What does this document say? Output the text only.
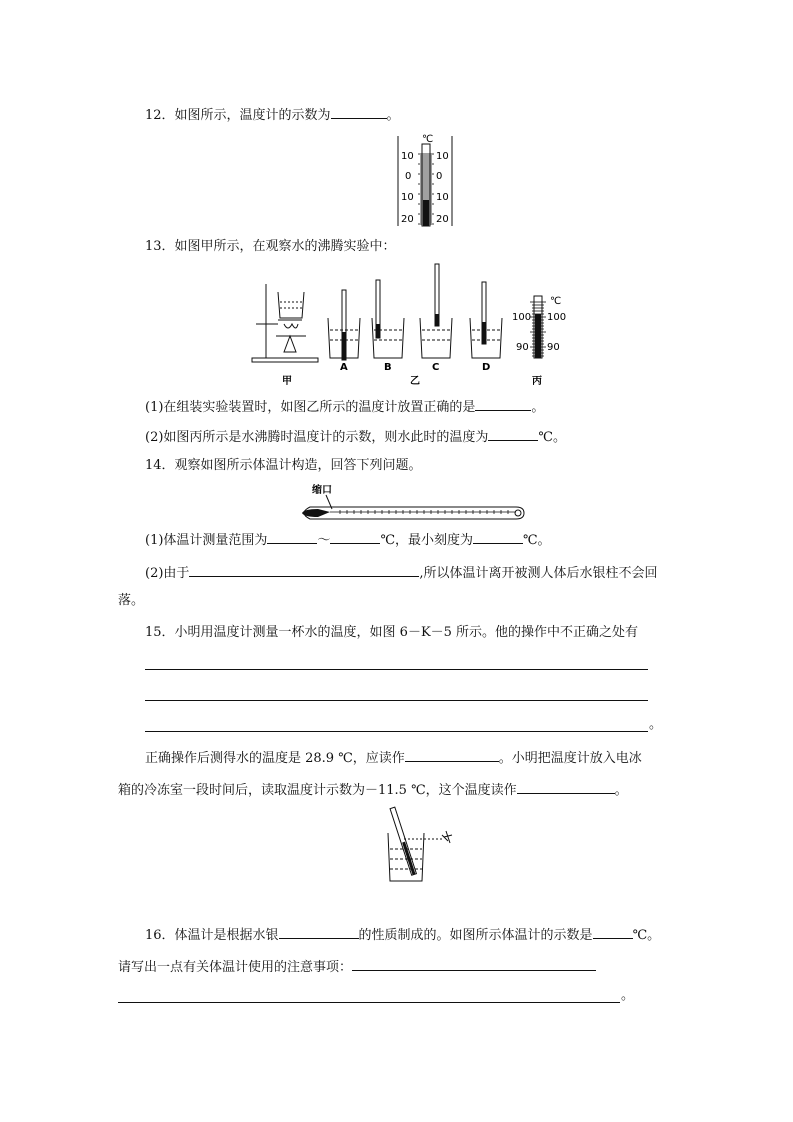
12．如图所示，温度计的示数为	。
℃
10
0
10
20
10
0
10
20
13．如图甲所示，在观察水的沸腾实验中：
℃
100
90
100
90
A	B	C	D
甲	乙	丙
(1)在组装实验装置时，如图乙所示的温度计放置正确的是	。
(2)如图丙所示是水沸腾时温度计的示数，则水此时的温度为	℃。
14．观察如图所示体温计构造，回答下列问题。
缩口
(1)体温计测量范围为	～	℃，最小刻度为	℃。
(2)由于	,所以体温计离开被测人体后水银柱不会回
落。
15．小明用温度计测量一杯水的温度，如图 6－K－5 所示。他的操作中不正确之处有
。
正确操作后测得水的温度是 28.9 ℃，应读作	。小明把温度计放入电冰
箱的冷冻室一段时间后，读取温度计示数为－11.5 ℃，这个温度读作	。
16．体温计是根据水银	的性质制成的。如图所示体温计的示数是	℃。
请写出一点有关体温计使用的注意事项：
。
